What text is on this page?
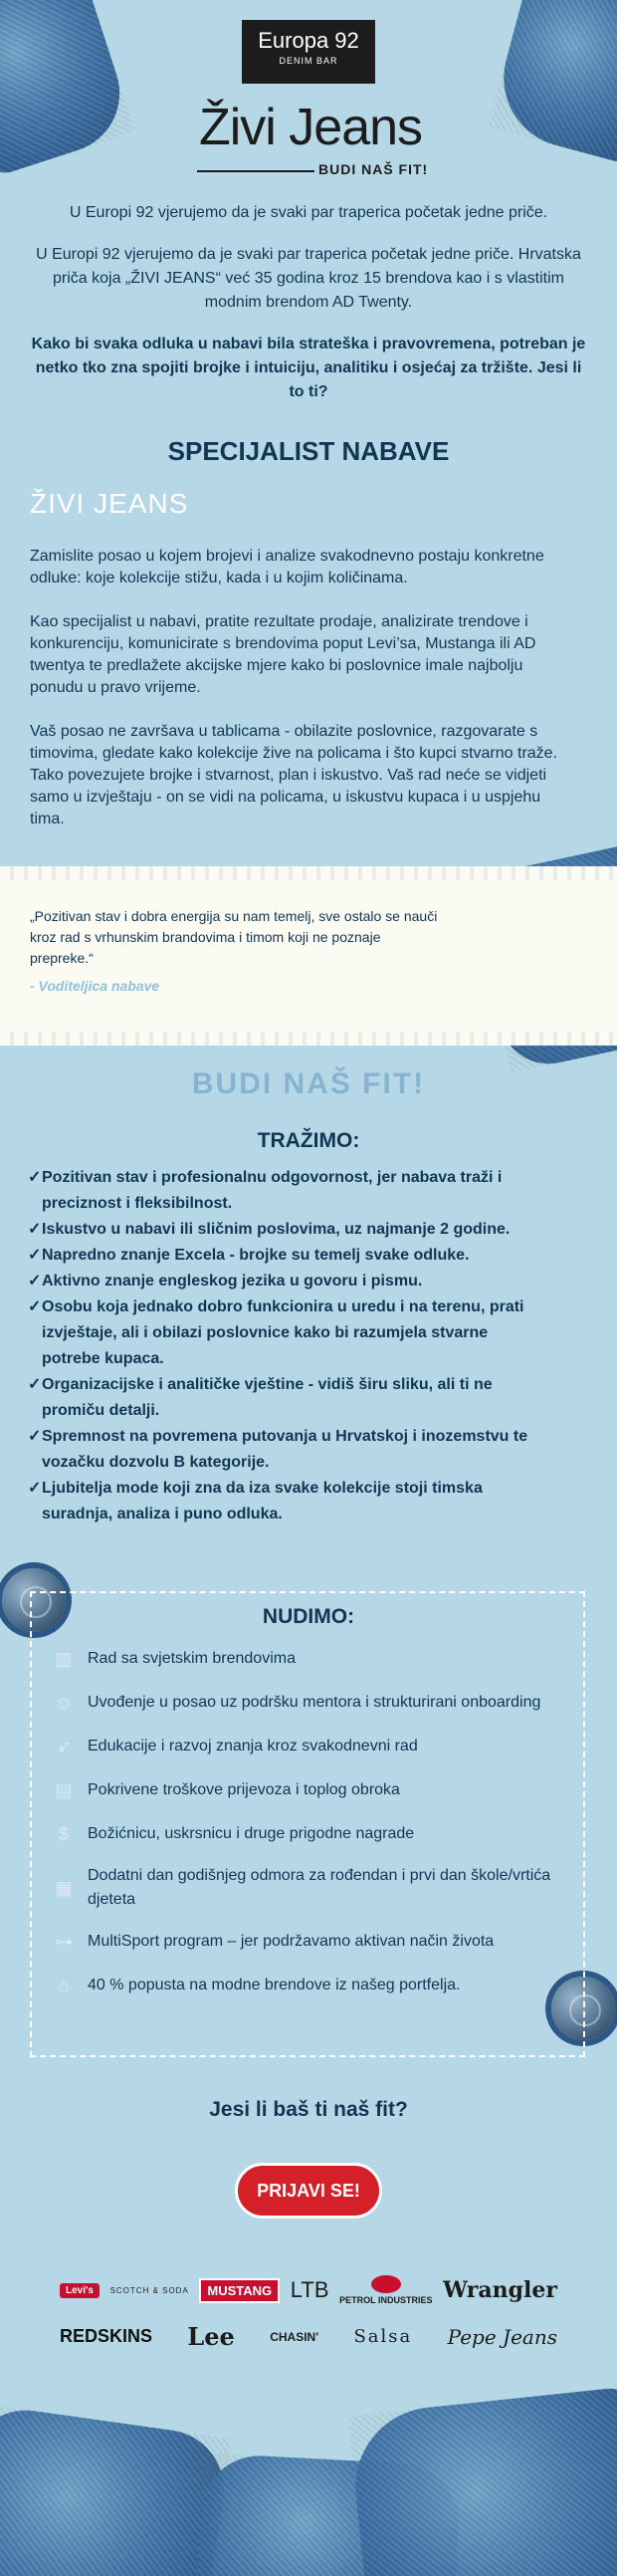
Europa 92
DENIM BAR
Živi Jeans
BUDI NAŠ FIT!

U Europi 92 vjerujemo da je svaki par traperica početak jedne priče.

U Europi 92 vjerujemo da je svaki par traperica početak jedne priče. Hrvatska priča koja „ŽIVI JEANS“ već 35 godina kroz 15 brendova kao i s vlastitim modnim brendom AD Twenty.

Kako bi svaka odluka u nabavi bila strateška i pravovremena, potreban je netko tko zna spojiti brojke i intuiciju, analitiku i osjećaj za tržište. Jesi li to ti?

SPECIJALIST NABAVE
ŽIVI JEANS

Zamislite posao u kojem brojevi i analize svakodnevno postaju konkretne odluke: koje kolekcije stižu, kada i u kojim količinama.

Kao specijalist u nabavi, pratite rezultate prodaje, analizirate trendove i konkurenciju, komunicirate s brendovima poput Levi’sa, Mustanga ili AD twentya te predlažete akcijske mjere kako bi poslovnice imale najbolju ponudu u pravo vrijeme.

Vaš posao ne završava u tablicama - obilazite poslovnice, razgovarate s timovima, gledate kako kolekcije žive na policama i što kupci stvarno traže. Tako povezujete brojke i stvarnost, plan i iskustvo. Vaš rad neće se vidjeti samo u izvještaju - on se vidi na policama, u iskustvu kupaca i u uspjehu tima.

„Pozitivan stav i dobra energija su nam temelj, sve ostalo se nauči kroz rad s vrhunskim brandovima i timom koji ne poznaje prepreke.“

- Voditeljica nabave

BUDI NAŠ FIT!
TRAŽIMO:
✓Pozitivan stav i profesionalnu odgovornost, jer nabava traži i preciznost i fleksibilnost.
✓Iskustvo u nabavi ili sličnim poslovima, uz najmanje 2 godine.
✓Napredno znanje Excela - brojke su temelj svake odluke.
✓Aktivno znanje engleskog jezika u govoru i pismu.
✓Osobu koja jednako dobro funkcionira u uredu i na terenu, prati izvještaje, ali i obilazi poslovnice kako bi razumjela stvarne potrebe kupaca.
✓Organizacijske i analitičke vještine - vidiš širu sliku, ali ti ne promiču detalji.
✓Spremnost na povremena putovanja u Hrvatskoj i inozemstvu te vozačku dozvolu B kategorije.
✓Ljubitelja mode koji zna da iza svake kolekcije stoji timska suradnja, analiza i puno odluka.
NUDIMO:
▥ Rad sa svjetskim brendovima
☺ Uvođenje u posao uz podršku mentora i strukturirani onboarding
➶	Edukacije i razvoj znanja kroz svakodnevni rad
▤ Pokrivene troškove prijevoza i toplog obroka
$	Božićnicu, uskrsnicu i druge prigodne nagrade
▦
Dodatni dan godišnjeg odmora za rođendan i prvi dan škole/vrtića djeteta
⊶ MultiSport program – jer podržavamo aktivan način života
⌂	40 % popusta na modne brendove iz našeg portfelja.
Jesi li baš ti naš fit?
PRIJAVI SE!
Levi's	SCOTCH & SODA	MUSTANG LTB PETROL INDUSTRIES Wrangler
REDSKINS Lee	CHASIN' Salsa Pepe Jeans
